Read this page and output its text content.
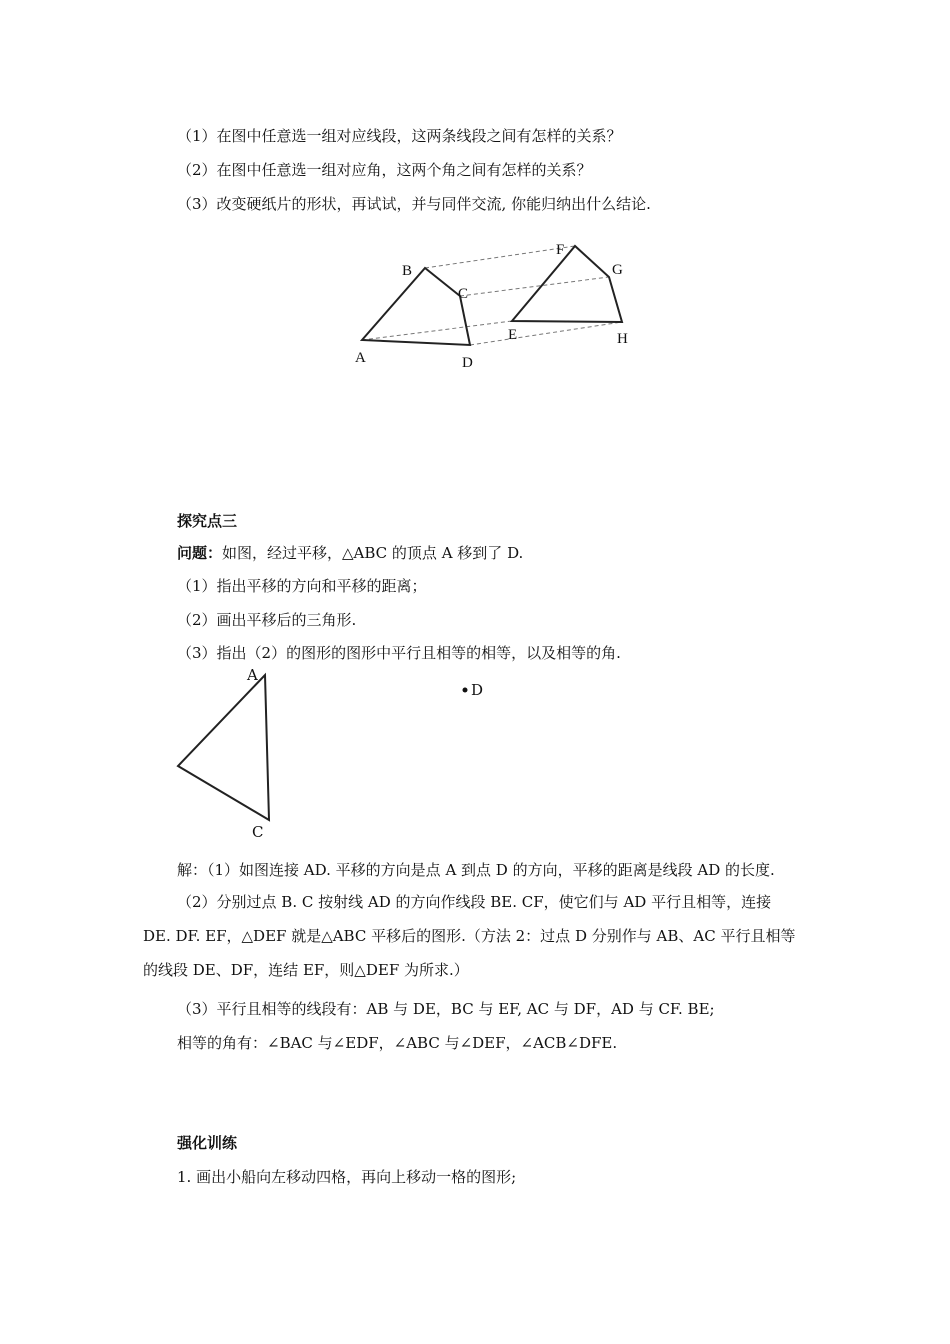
（1）在图中任意选一组对应线段，这两条线段之间有怎样的关系？
（2）在图中任意选一组对应角，这两个角之间有怎样的关系？
（3）改变硬纸片的形状，再试试，并与同伴交流, 你能归纳出什么结论.
A
B
C
D
E
F
G
H
探究点三
问题：如图，经过平移，△ABC 的顶点 A 移到了 D.
（1）指出平移的方向和平移的距离；
（2）画出平移后的三角形.
（3）指出（2）的图形的图形中平行且相等的相等，以及相等的角.
A
C
D
解：（1）如图连接 AD. 平移的方向是点 A 到点 D 的方向，平移的距离是线段 AD 的长度.
（2）分别过点 B. C 按射线 AD 的方向作线段 BE. CF，使它们与 AD 平行且相等，连接
DE. DF. EF，△DEF 就是△ABC 平移后的图形.（方法 2：过点 D 分别作与 AB、AC 平行且相等
的线段 DE、DF，连结 EF，则△DEF 为所求.）
（3）平行且相等的线段有：AB 与 DE，BC 与 EF, AC 与 DF，AD 与 CF. BE;
相等的角有：∠BAC 与∠EDF，∠ABC 与∠DEF，∠ACB∠DFE.
强化训练
1. 画出小船向左移动四格，再向上移动一格的图形;
